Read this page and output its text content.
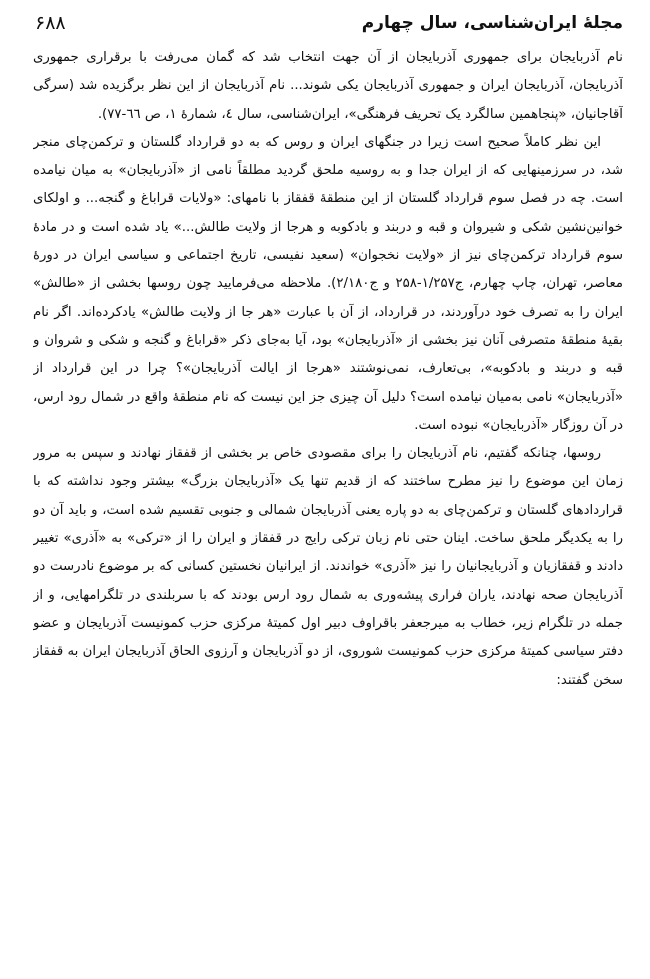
مجلهٔ ایران‌شناسی، سال چهارم
۶۸۸

نام آذربایجان برای جمهوری آذربایجان از آن جهت انتخاب شد که گمان می‌رفت با برقراری جمهوری آذربایجان، آذربایجان ایران و جمهوری آذربایجان یکی شوند... نام آذربایجان از این نظر برگزیده شد (سرگی آقاجانیان، «پنجاهمین سالگرد یک تحریف فرهنگی»، ایران‌شناسی، سال ٤، شمارهٔ ۱، ص ٦٦-٧٧).

این نظر کاملاً صحیح است زیرا در جنگهای ایران و روس که به دو قرارداد گلستان و ترکمن‌چای منجر شد، در سرزمینهایی که از ایران جدا و به روسیه ملحق گردید مطلقاً نامی از «آذربایجان» به میان نیامده است. چه در فصل سوم قرارداد گلستان از این منطقهٔ قفقاز با نامهای: «ولایات قراباغ و گنجه... و اولکای خوانین‌نشین شکی و شیروان و قبه و دربند و بادکوبه و هرجا از ولایت طالش...» یاد شده است و در مادهٔ سوم قرارداد ترکمن‌چای نیز از «ولایت نخجوان» (سعید نفیسی، تاریخ اجتماعی و سیاسی ایران در دورهٔ معاصر، تهران، چاپ چهارم، ج۱/۲۵۷-۲۵۸ و ج۲/۱۸۰). ملاحظه می‌فرمایید چون روسها بخشی از «طالش» ایران را به تصرف خود درآوردند، در قرارداد، از آن با عبارت «هر جا از ولایت طالش» یادکرده‌اند. اگر نام بقیهٔ منطقهٔ متصرفی آنان نیز بخشی از «آذربایجان» بود، آیا به‌جای ذکر «قراباغ و گنجه و شکی و شروان و قبه و دربند و بادکوبه»، بی‌تعارف، نمی‌نوشتند «هرجا از ایالت آذربایجان»؟ چرا در این قرارداد از «آذربایجان» نامی به‌میان نیامده است؟ دلیل آن چیزی جز این نیست که نام منطقهٔ واقع در شمال رود ارس، در آن روزگار «آذربایجان» نبوده است.

روسها، چنانکه گفتیم، نام آذربایجان را برای مقصودی خاص بر بخشی از قفقاز نهادند و سپس به مرور زمان این موضوع را نیز مطرح ساختند که از قدیم تنها یک «آذربایجان بزرگ» بیشتر وجود نداشته که با قراردادهای گلستان و ترکمن‌چای به دو پاره یعنی آذربایجان شمالی و جنوبی تقسیم شده است، و باید آن دو را به یکدیگر ملحق ساخت. اینان حتی نام زبان ترکی رایج در قفقاز و ایران را از «ترکی» به «آذری» تغییر دادند و قفقازیان و آذربایجانیان را نیز «آذری» خواندند. از ایرانیان نخستین کسانی که بر موضوع نادرست دو آذربایجان صحه نهادند، یاران فراری پیشه‌وری به شمال رود ارس بودند که با سربلندی در تلگرامهایی، و از جمله در تلگرام زیر، خطاب به میرجعفر باقراوف دبیر اول کمیتهٔ مرکزی حزب کمونیست آذربایجان و عضو دفتر سیاسی کمیتهٔ مرکزی حزب کمونیست شوروی، از دو آذربایجان و آرزوی الحاق آذربایجان ایران به قفقاز سخن گفتند:
